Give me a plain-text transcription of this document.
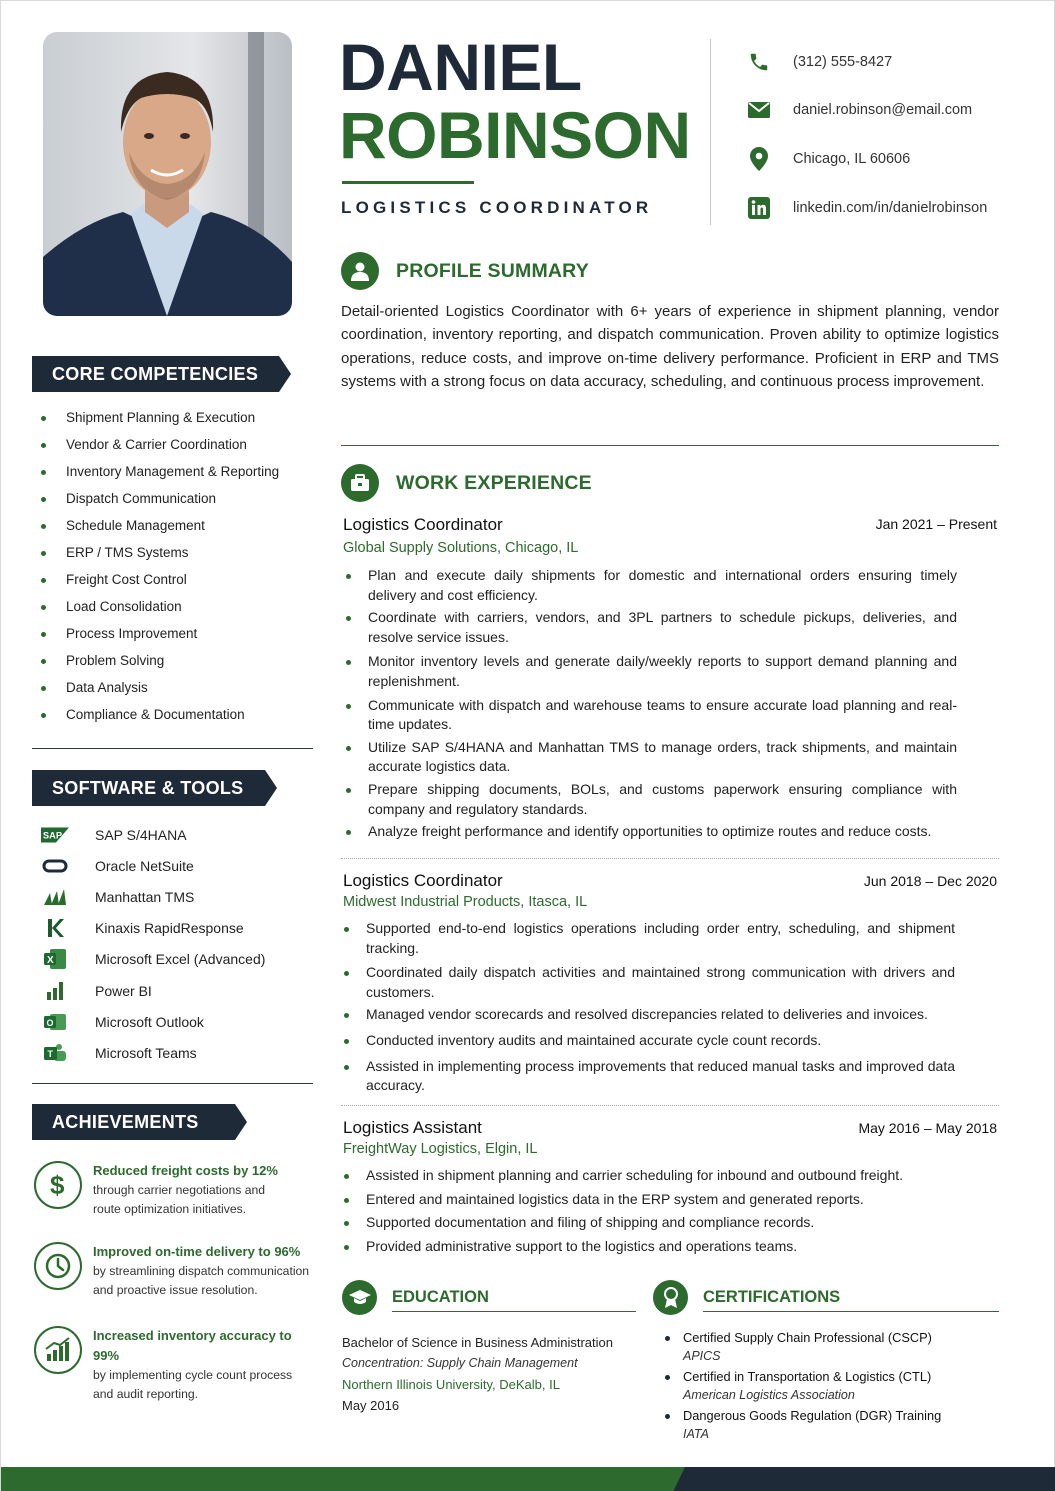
CORE COMPETENCIES
Shipment Planning & Execution
Vendor & Carrier Coordination
Inventory Management & Reporting
Dispatch Communication
Schedule Management
ERP / TMS Systems
Freight Cost Control
Load Consolidation
Process Improvement
Problem Solving
Data Analysis
Compliance & Documentation
SOFTWARE & TOOLS
SAP SAP S/4HANA
Oracle NetSuite
Manhattan TMS
Kinaxis RapidResponse
X	Microsoft Excel (Advanced)
Power BI
O	Microsoft Outlook
T	Microsoft Teams
ACHIEVEMENTS
$ Reduced freight costs by 12%
through carrier negotiations and
route optimization initiatives.
Improved on-time delivery to 96%
by streamlining dispatch communication
and proactive issue resolution.
Increased inventory accuracy to 99%
by implementing cycle count process
and audit reporting.
DANIEL
ROBINSON
LOGISTICS COORDINATOR
(312) 555-8427
daniel.robinson@email.com
Chicago, IL 60606
linkedin.com/in/danielrobinson
PROFILE SUMMARY
Detail-oriented Logistics Coordinator with 6+ years of experience in shipment planning, vendor coordination, inventory reporting, and dispatch communication. Proven ability to optimize logistics operations, reduce costs, and improve on-time delivery performance. Proficient in ERP and TMS systems with a strong focus on data accuracy, scheduling, and continuous process improvement.
WORK EXPERIENCE
Logistics Coordinator	Jan 2021 – Present
Global Supply Solutions, Chicago, IL
Plan and execute daily shipments for domestic and international orders ensuring timely delivery and cost efficiency.
Coordinate with carriers, vendors, and 3PL partners to schedule pickups, deliveries, and resolve service issues.
Monitor inventory levels and generate daily/weekly reports to support demand planning and replenishment.
Communicate with dispatch and warehouse teams to ensure accurate load planning and real-time updates.
Utilize SAP S/4HANA and Manhattan TMS to manage orders, track shipments, and maintain accurate logistics data.
Prepare shipping documents, BOLs, and customs paperwork ensuring compliance with company and regulatory standards.
Analyze freight performance and identify opportunities to optimize routes and reduce costs.
Logistics Coordinator	Jun 2018 – Dec 2020
Midwest Industrial Products, Itasca, IL
Supported end-to-end logistics operations including order entry, scheduling, and shipment tracking.
Coordinated daily dispatch activities and maintained strong communication with drivers and customers.
Managed vendor scorecards and resolved discrepancies related to deliveries and invoices.
Conducted inventory audits and maintained accurate cycle count records.
Assisted in implementing process improvements that reduced manual tasks and improved data accuracy.
Logistics Assistant	May 2016 – May 2018
FreightWay Logistics, Elgin, IL
Assisted in shipment planning and carrier scheduling for inbound and outbound freight.
Entered and maintained logistics data in the ERP system and generated reports.
Supported documentation and filing of shipping and compliance records.
Provided administrative support to the logistics and operations teams.
EDUCATION
Bachelor of Science in Business Administration
Concentration: Supply Chain Management
Northern Illinois University, DeKalb, IL
May 2016
CERTIFICATIONS
Certified Supply Chain Professional (CSCP)
APICS
Certified in Transportation & Logistics (CTL)
American Logistics Association
Dangerous Goods Regulation (DGR) Training
IATA
